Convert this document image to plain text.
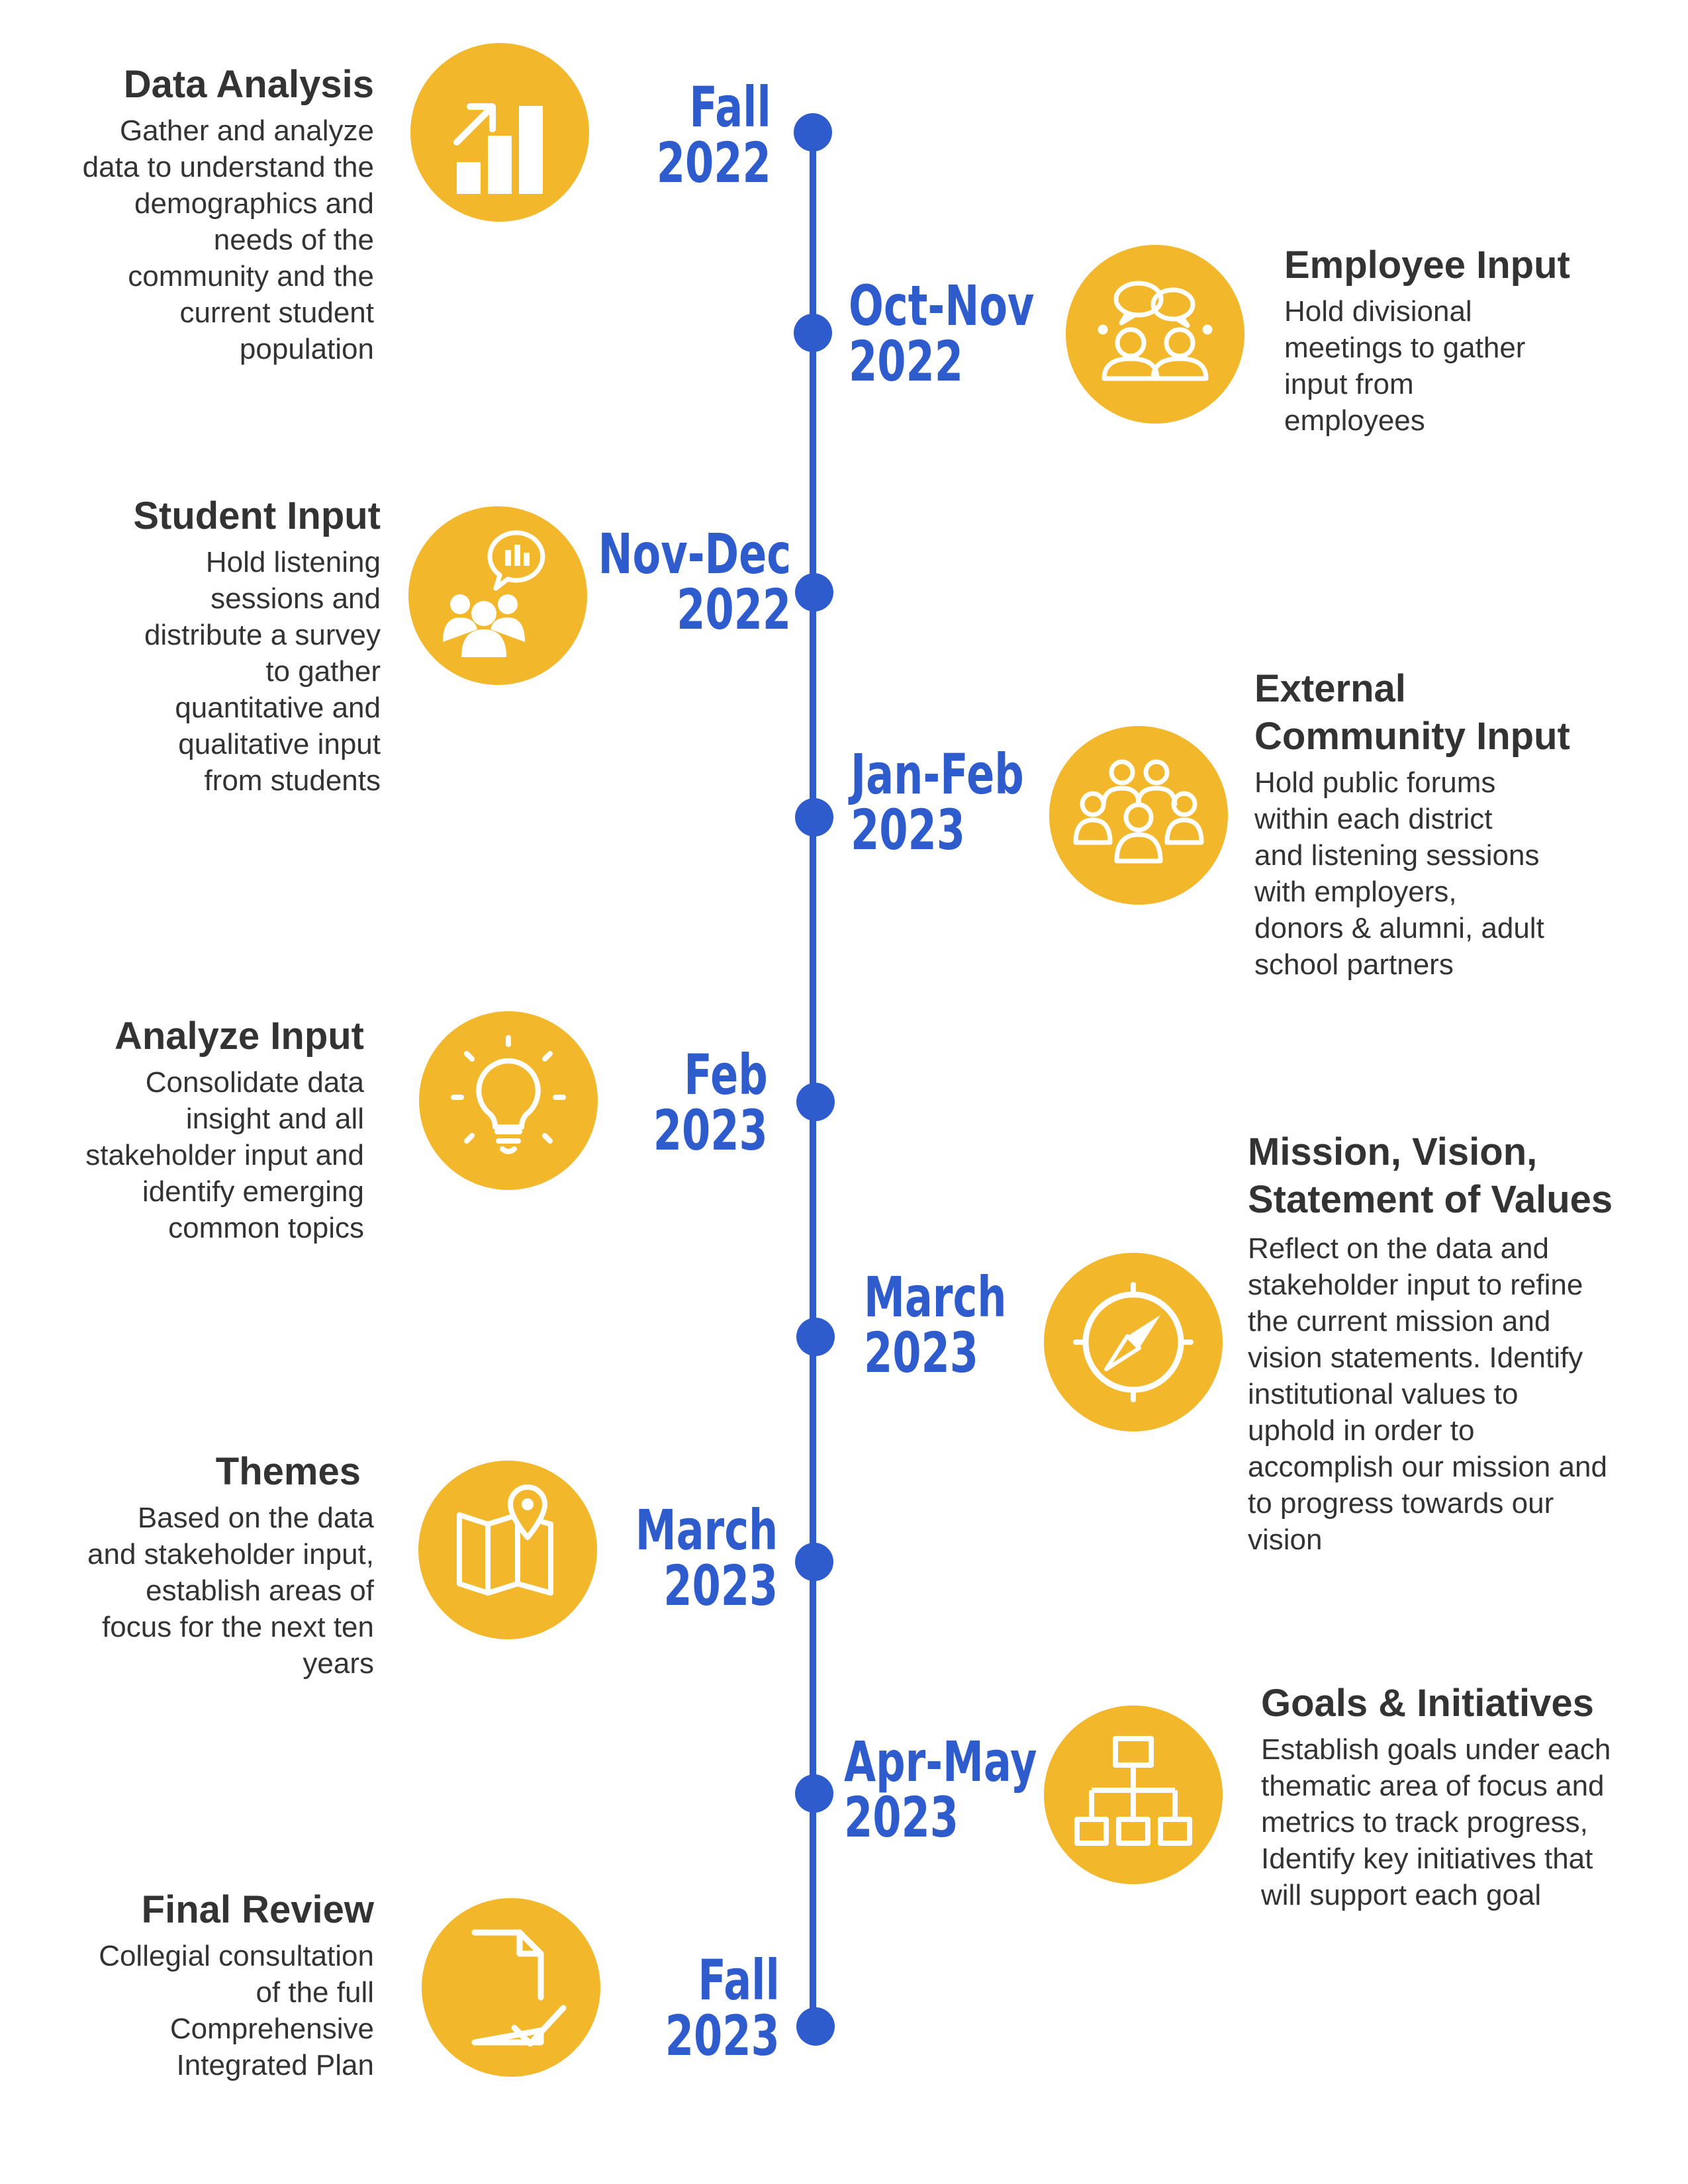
Data Analysis
Gather and analyze
data to understand the
demographics and
needs of the
community and the
current student
population
Fall
2022
Oct-Nov
2022
Employee Input
Hold divisional
meetings to gather
input from
employees
Student Input
Hold listening
sessions and
distribute a survey
to gather
quantitative and
qualitative input
from students
Nov-Dec
2022
Jan-Feb
2023
External
Community Input
Hold public forums
within each district
and listening sessions
with employers,
donors & alumni, adult
school partners
Analyze Input
Consolidate data
insight and all
stakeholder input and
identify emerging
common topics
Feb
2023
March
2023
Mission, Vision,
Statement of Values
Reflect on the data and
stakeholder input to refine
the current mission and
vision statements. Identify
institutional values to
uphold in order to
accomplish our mission and
to progress towards our
vision
Themes
Based on the data
and stakeholder input,
establish areas of
focus for the next ten
years
March
2023
Apr-May
2023
Goals & Initiatives
Establish goals under each
thematic area of focus and
metrics to track progress,
Identify key initiatives that
will support each goal
Final Review
Collegial consultation
of the full
Comprehensive
Integrated Plan
Fall
2023
